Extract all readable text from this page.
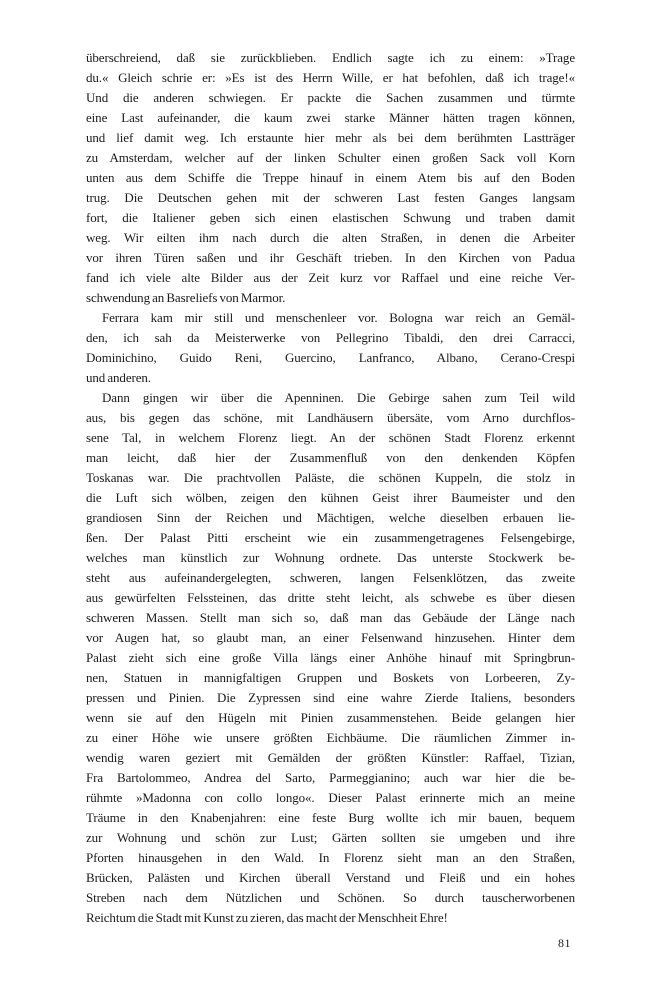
überschreiend, daß sie zurückblieben. Endlich sagte ich zu einem: »Trage
du.« Gleich schrie er: »Es ist des Herrn Wille, er hat befohlen, daß ich trage!«
Und die anderen schwiegen. Er packte die Sachen zusammen und türmte
eine Last aufeinander, die kaum zwei starke Männer hätten tragen können,
und lief damit weg. Ich erstaunte hier mehr als bei dem berühmten Lastträger
zu Amsterdam, welcher auf der linken Schulter einen großen Sack voll Korn
unten aus dem Schiffe die Treppe hinauf in einem Atem bis auf den Boden
trug. Die Deutschen gehen mit der schweren Last festen Ganges langsam
fort, die Italiener geben sich einen elastischen Schwung und traben damit
weg. Wir eilten ihm nach durch die alten Straßen, in denen die Arbeiter
vor ihren Türen saßen und ihr Geschäft trieben. In den Kirchen von Padua
fand ich viele alte Bilder aus der Zeit kurz vor Raffael und eine reiche Ver-
schwendung an Basreliefs von Marmor.
Ferrara kam mir still und menschenleer vor. Bologna war reich an Gemäl-
den, ich sah da Meisterwerke von Pellegrino Tibaldi, den drei Carracci,
Dominichino, Guido Reni, Guercino, Lanfranco, Albano, Cerano-Crespi
und anderen.
Dann gingen wir über die Apenninen. Die Gebirge sahen zum Teil wild
aus, bis gegen das schöne, mit Landhäusern übersäte, vom Arno durchflos-
sene Tal, in welchem Florenz liegt. An der schönen Stadt Florenz erkennt
man leicht, daß hier der Zusammenfluß von den denkenden Köpfen
Toskanas war. Die prachtvollen Paläste, die schönen Kuppeln, die stolz in
die Luft sich wölben, zeigen den kühnen Geist ihrer Baumeister und den
grandiosen Sinn der Reichen und Mächtigen, welche dieselben erbauen lie-
ßen. Der Palast Pitti erscheint wie ein zusammengetragenes Felsengebirge,
welches man künstlich zur Wohnung ordnete. Das unterste Stockwerk be-
steht aus aufeinandergelegten, schweren, langen Felsenklötzen, das zweite
aus gewürfelten Felssteinen, das dritte steht leicht, als schwebe es über diesen
schweren Massen. Stellt man sich so, daß man das Gebäude der Länge nach
vor Augen hat, so glaubt man, an einer Felsenwand hinzusehen. Hinter dem
Palast zieht sich eine große Villa längs einer Anhöhe hinauf mit Springbrun-
nen, Statuen in mannigfaltigen Gruppen und Boskets von Lorbeeren, Zy-
pressen und Pinien. Die Zypressen sind eine wahre Zierde Italiens, besonders
wenn sie auf den Hügeln mit Pinien zusammenstehen. Beide gelangen hier
zu einer Höhe wie unsere größten Eichbäume. Die räumlichen Zimmer in-
wendig waren geziert mit Gemälden der größten Künstler: Raffael, Tizian,
Fra Bartolommeo, Andrea del Sarto, Parmeggianino; auch war hier die be-
rühmte »Madonna con collo longo«. Dieser Palast erinnerte mich an meine
Träume in den Knabenjahren: eine feste Burg wollte ich mir bauen, bequem
zur Wohnung und schön zur Lust; Gärten sollten sie umgeben und ihre
Pforten hinausgehen in den Wald. In Florenz sieht man an den Straßen,
Brücken, Palästen und Kirchen überall Verstand und Fleiß und ein hohes
Streben nach dem Nützlichen und Schönen. So durch tauscherworbenen
Reichtum die Stadt mit Kunst zu zieren, das macht der Menschheit Ehre!
81
